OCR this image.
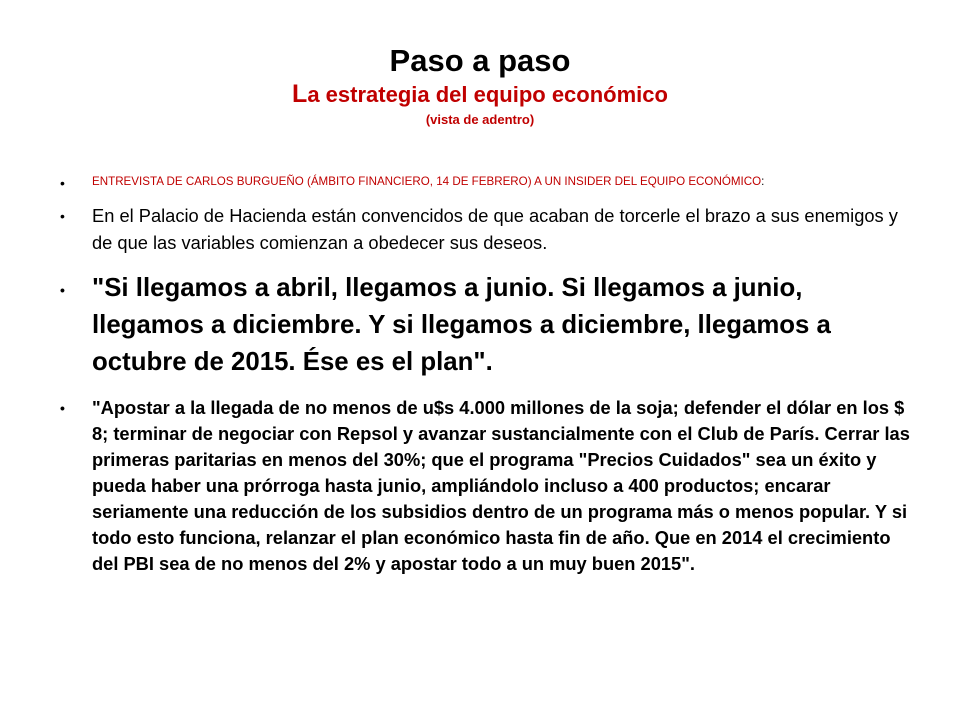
Paso a paso
La estrategia del equipo económico
(vista de adentro)
• ENTREVISTA DE CARLOS BURGUEÑO (ÁMBITO FINANCIERO, 14 DE FEBRERO) A UN INSIDER DEL EQUIPO ECONÓMICO:
• En el Palacio de Hacienda están convencidos de que acaban de torcerle el brazo a sus enemigos y de que las variables comienzan a obedecer sus deseos.
• "Si llegamos a abril, llegamos a junio. Si llegamos a junio, llegamos a diciembre. Y si llegamos a diciembre, llegamos a octubre de 2015. Ése es el plan".
• "Apostar a la llegada de no menos de u$s 4.000 millones de la soja; defender el dólar en los $ 8; terminar de negociar con Repsol y avanzar sustancialmente con el Club de París. Cerrar las primeras paritarias en menos del 30%; que el programa "Precios Cuidados" sea un éxito y pueda haber una prórroga hasta junio, ampliándolo incluso a 400 productos; encarar seriamente una reducción de los subsidios dentro de un programa más o menos popular. Y si todo esto funciona, relanzar el plan económico hasta fin de año. Que en 2014 el crecimiento del PBI sea de no menos del 2% y apostar todo a un muy buen 2015".
